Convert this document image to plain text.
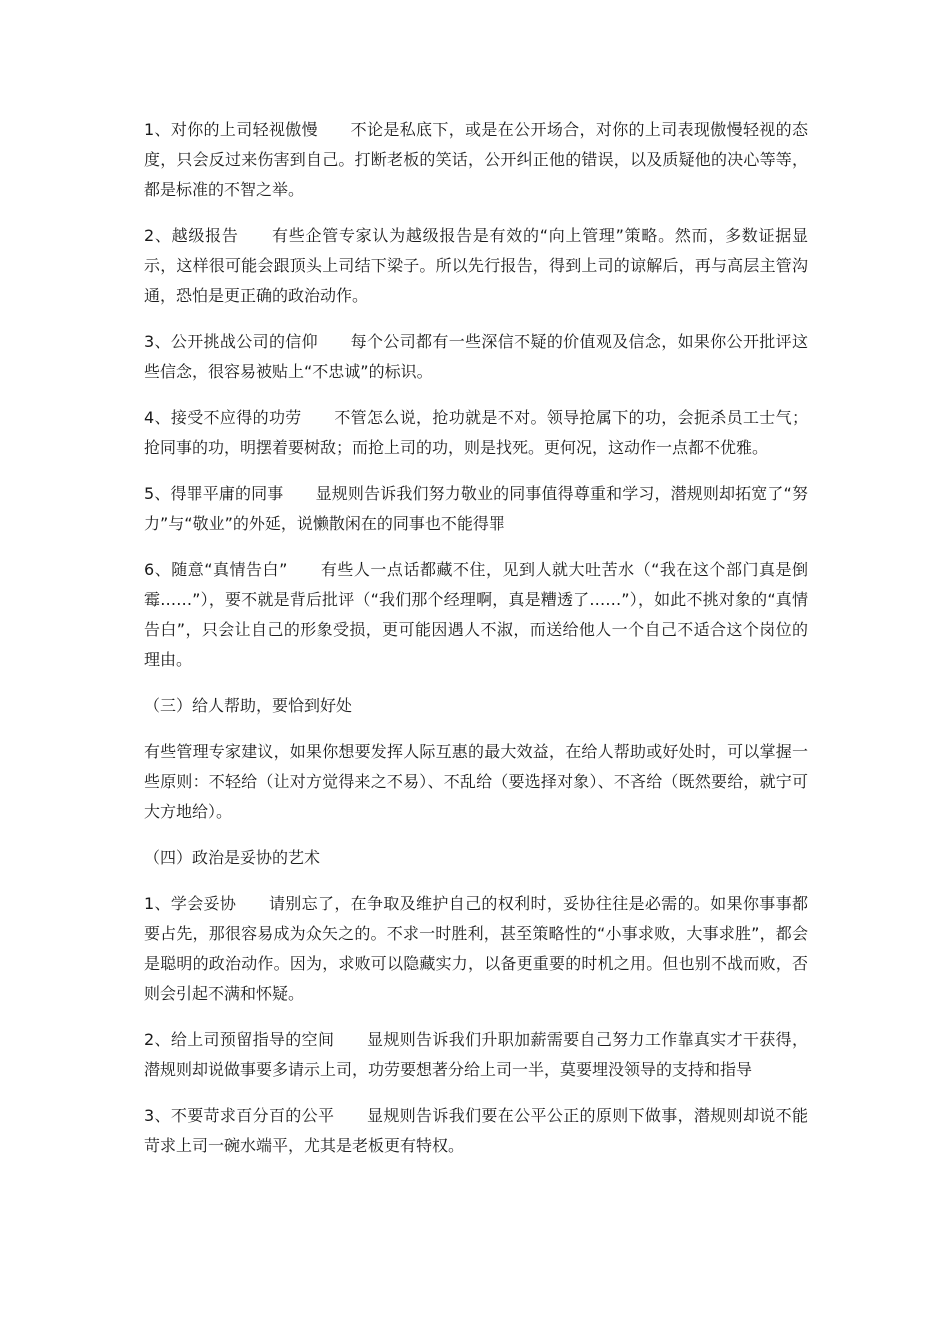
1、对你的上司轻视傲慢　　不论是私底下，或是在公开场合，对你的上司表现傲慢轻视的态度，只会反过来伤害到自己。打断老板的笑话，公开纠正他的错误，以及质疑他的决心等等，都是标准的不智之举。

2、越级报告　　有些企管专家认为越级报告是有效的“向上管理”策略。然而，多数证据显示，这样很可能会跟顶头上司结下梁子。所以先行报告，得到上司的谅解后，再与高层主管沟通，恐怕是更正确的政治动作。

3、公开挑战公司的信仰　　每个公司都有一些深信不疑的价值观及信念，如果你公开批评这些信念，很容易被贴上“不忠诚”的标识。

4、接受不应得的功劳　　不管怎么说，抢功就是不对。领导抢属下的功，会扼杀员工士气；抢同事的功，明摆着要树敌；而抢上司的功，则是找死。更何况，这动作一点都不优雅。

5、得罪平庸的同事　　显规则告诉我们努力敬业的同事值得尊重和学习，潜规则却拓宽了“努力”与“敬业”的外延，说懒散闲在的同事也不能得罪

6、随意“真情告白”　　有些人一点话都藏不住，见到人就大吐苦水（“我在这个部门真是倒霉……”），要不就是背后批评（“我们那个经理啊，真是糟透了……”），如此不挑对象的“真情告白”，只会让自己的形象受损，更可能因遇人不淑，而送给他人一个自己不适合这个岗位的理由。

（三）给人帮助，要恰到好处

有些管理专家建议，如果你想要发挥人际互惠的最大效益，在给人帮助或好处时，可以掌握一些原则：不轻给（让对方觉得来之不易）、不乱给（要选择对象）、不吝给（既然要给，就宁可大方地给）。

（四）政治是妥协的艺术

1、学会妥协　　请别忘了，在争取及维护自己的权利时，妥协往往是必需的。如果你事事都要占先，那很容易成为众矢之的。不求一时胜利，甚至策略性的“小事求败，大事求胜”，都会是聪明的政治动作。因为，求败可以隐藏实力，以备更重要的时机之用。但也别不战而败，否则会引起不满和怀疑。

2、给上司预留指导的空间　　显规则告诉我们升职加薪需要自己努力工作靠真实才干获得，潜规则却说做事要多请示上司，功劳要想著分给上司一半，莫要埋没领导的支持和指导

3、不要苛求百分百的公平　　显规则告诉我们要在公平公正的原则下做事，潜规则却说不能苛求上司一碗水端平，尤其是老板更有特权。
